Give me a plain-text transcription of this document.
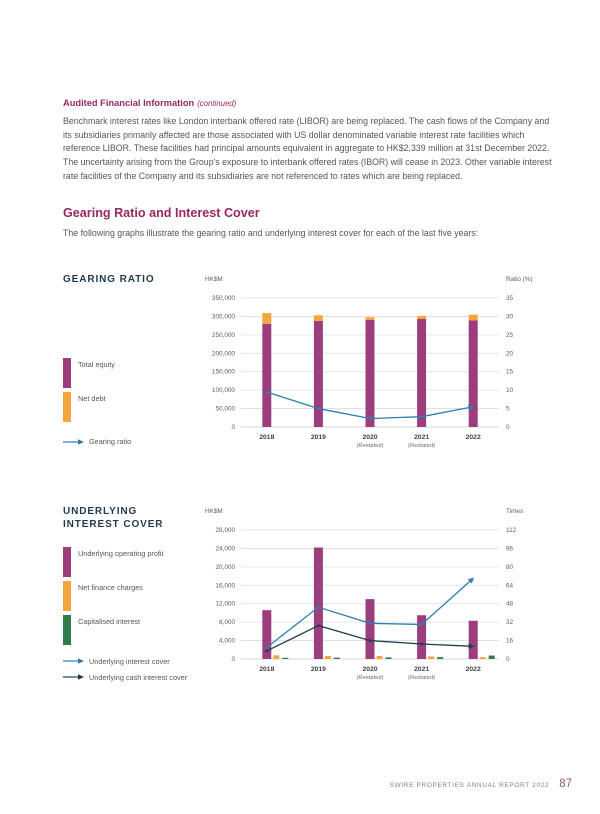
Audited Financial Information (continued)

Benchmark interest rates like London interbank offered rate (LIBOR) are being replaced. The cash flows of the Company and its subsidiaries primarily affected are those associated with US dollar denominated variable interest rate facilities which reference LIBOR. These facilities had principal amounts equivalent in aggregate to HK$2,339 million at 31st December 2022. The uncertainty arising from the Group's exposure to interbank offered rates (IBOR) will cease in 2023. Other variable interest rate facilities of the Company and its subsidiaries are not referenced to rates which are being replaced.

Gearing Ratio and Interest Cover

The following graphs illustrate the gearing ratio and underlying interest cover for each of the last five years:

GEARING RATIO
Total equity
Net debt
Gearing ratio
HK$M	Ratio (%)
350,000	35
300,000	30
250,000	25
200,000	20
150,000	15
100,000	10
50,000	5
0	0
2018	2019	2020
(Restated)
2021
(Restated)
2022
UNDERLYING INTEREST COVER
Underlying operating profit
Net finance charges
Capitalised interest
Underlying interest cover
Underlying cash interest cover
HK$M	Times
28,000	112
24,000	96
20,000	80
16,000	64
12,000	48
8,000	32
4,000	16
0	0
2018	2019	2020
(Restated)
2021
(Restated)
2022
SWIRE PROPERTIES ANNUAL REPORT 2022 87
